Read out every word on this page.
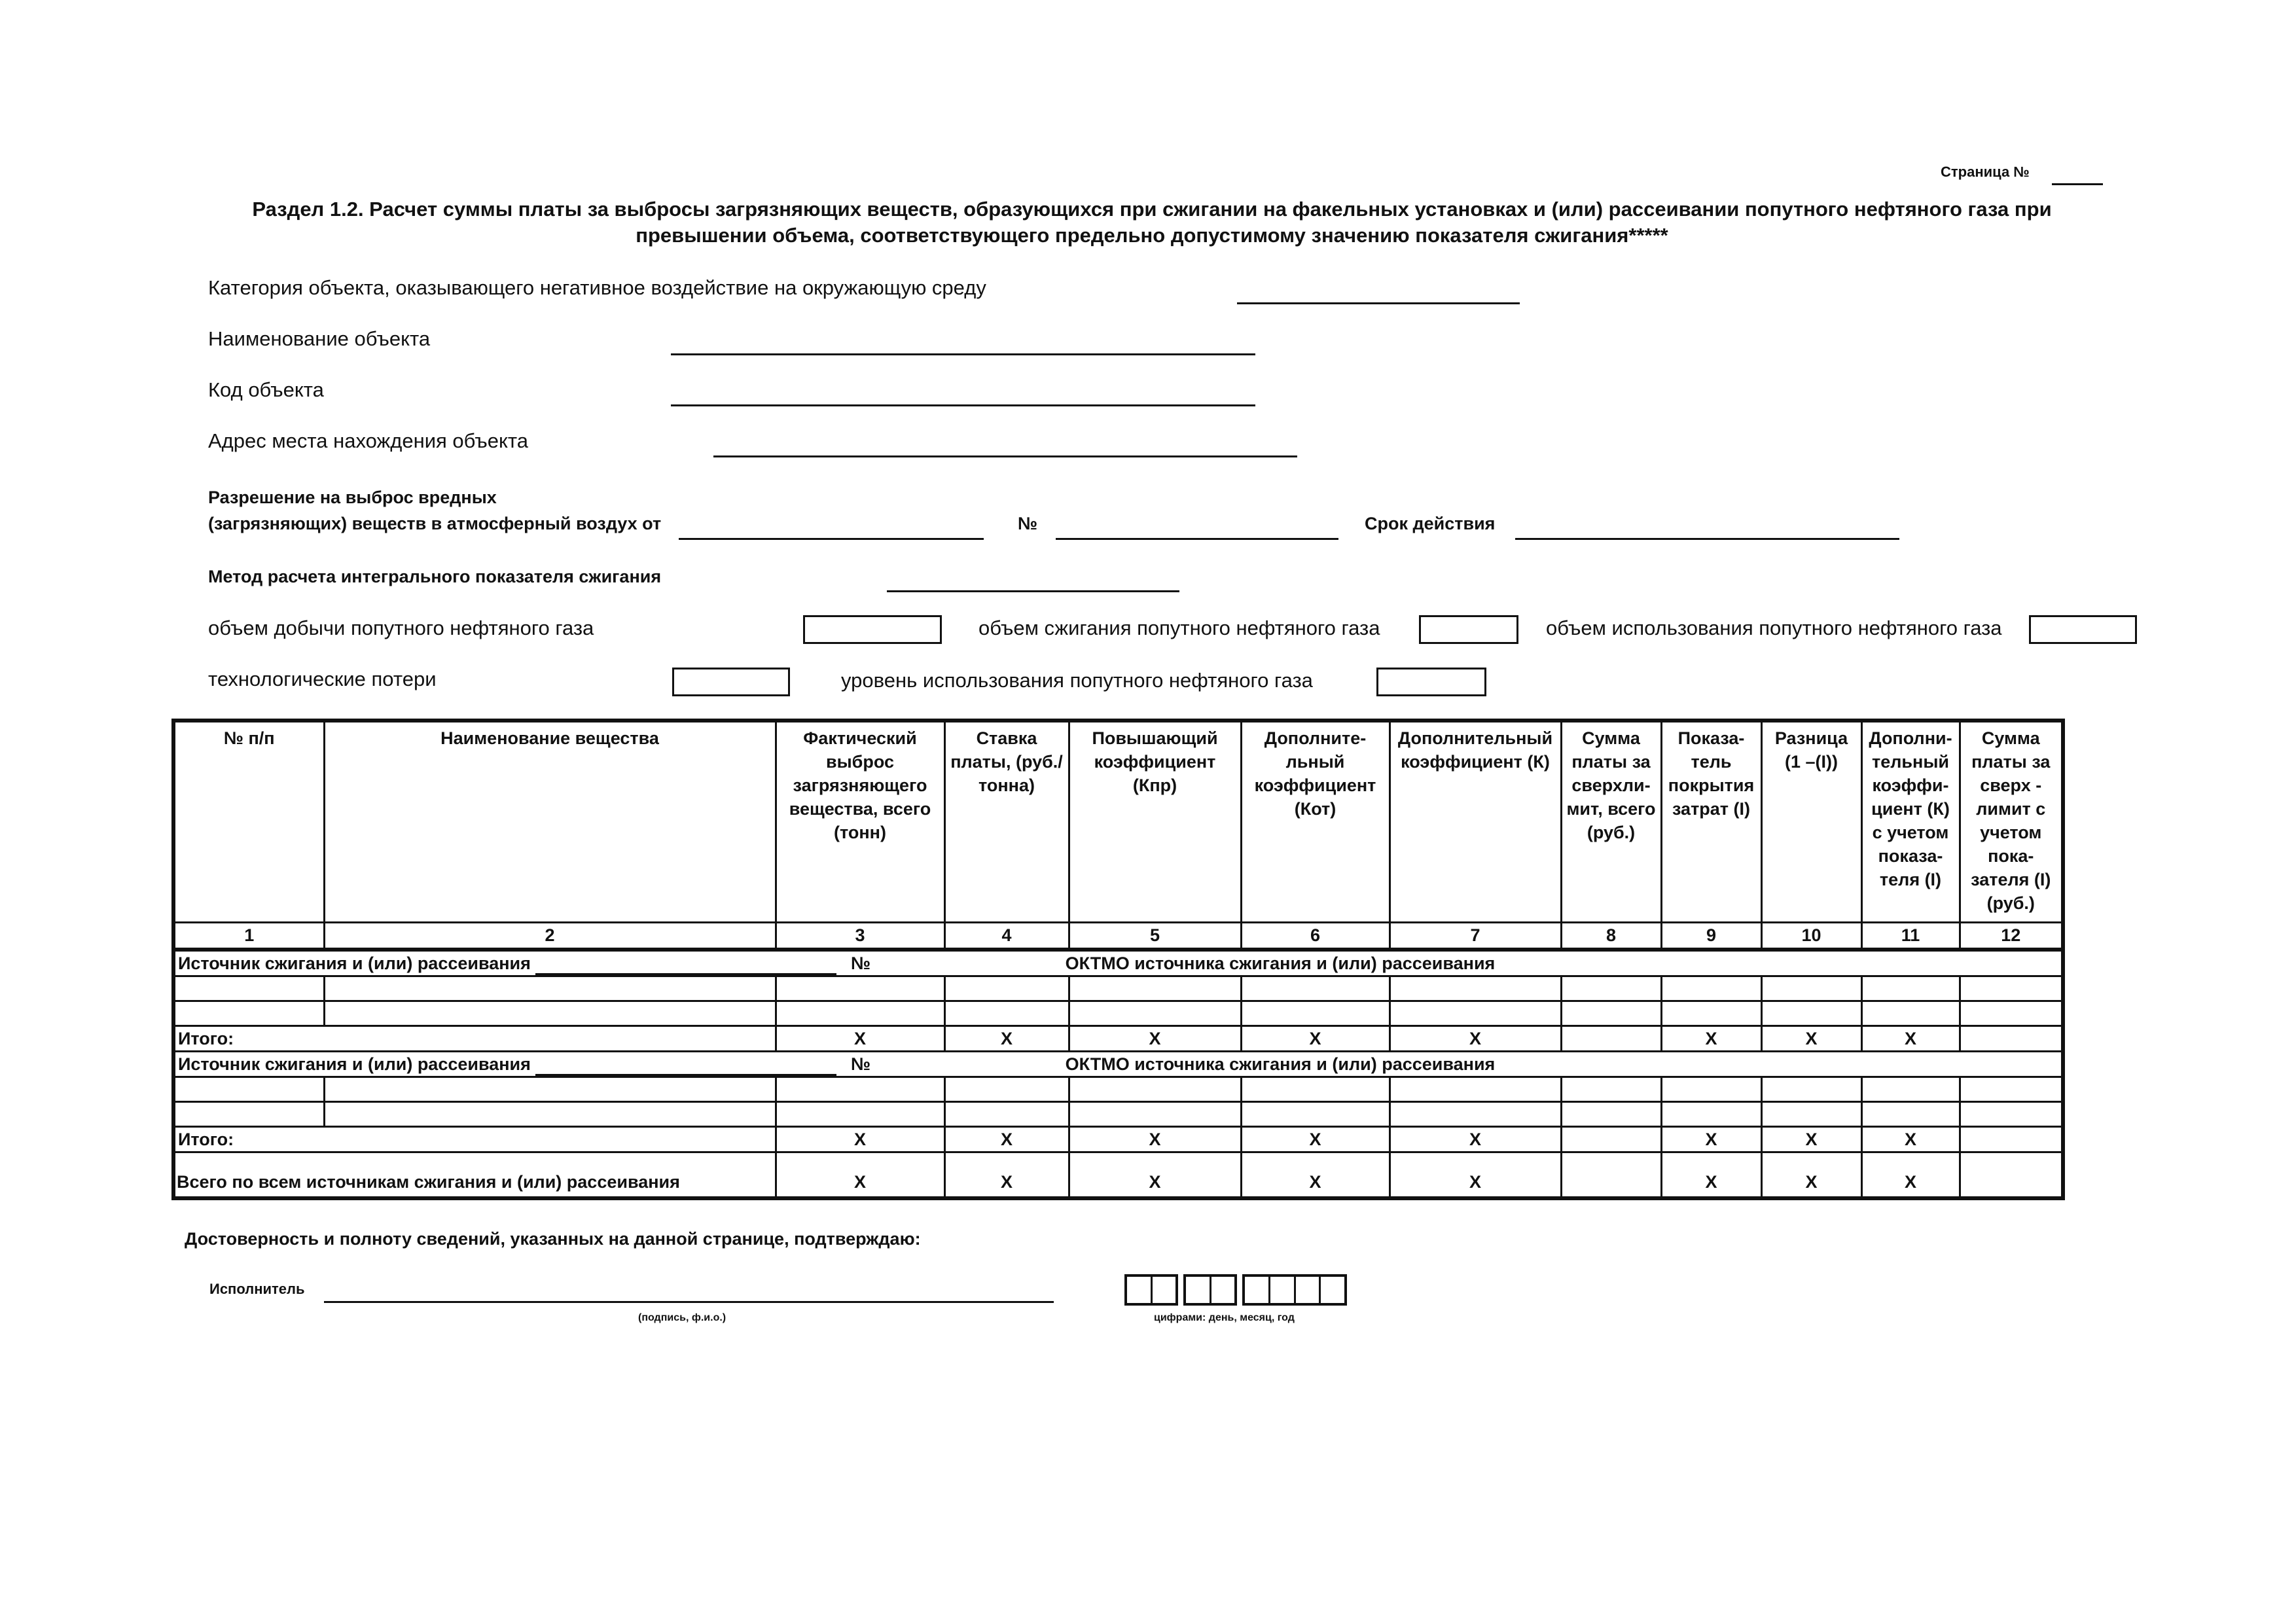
Страница №
Раздел 1.2. Расчет суммы платы за выбросы загрязняющих веществ, образующихся при сжигании на факельных установках и (или) рассеивании попутного нефтяного газа при превышении объема, соответствующего предельно допустимому значению показателя сжигания*****
Категория объекта, оказывающего негативное воздействие на окружающую среду
Наименование объекта
Код объекта
Адрес места нахождения объекта
Разрешение на выброс вредных
(загрязняющих) веществ в атмосферный воздух от	№	Срок действия
Метод расчета интегрального показателя сжигания
объем добычи попутного нефтяного газа	объем сжигания попутного нефтяного газа	объем использования попутного нефтяного газа
технологические потери	уровень использования попутного нефтяного газа
№ п/п	Наименование вещества	Фактический выброс загрязняющего вещества, всего (тонн)	Ставка платы, (руб./тонна)	Повышающий коэффициент (Кпр)	Дополните-льный коэффициент (Кот)	Дополнительный коэффициент (К)	Сумма платы за сверхли-мит, всего (руб.)	Показа-тель покрытия затрат (I)	Разница (1 –(I))	Дополни-тельный коэффи-циент (К) с учетом показа-теля (I)	Сумма платы за сверх - лимит с учетом пока-зателя (I) (руб.)
1	2	3	4	5	6	7	8	9	10	11	12
Источник сжигания и (или) рассеивания № ОКТМО источника сжигания и (или) рассеивания											

Итого:		X	X	X	X	X		X	X	X	
Источник сжигания и (или) рассеивания № ОКТМО источника сжигания и (или) рассеивания											

Итого:		X	X	X	X	X		X	X	X	
Всего по всем источникам сжигания и (или) рассеивания		X	X	X	X	X		X	X	X	
Достоверность и полноту сведений, указанных на данной странице, подтверждаю:
Исполнитель
(подпись, ф.и.о.)	цифрами: день, месяц, год
